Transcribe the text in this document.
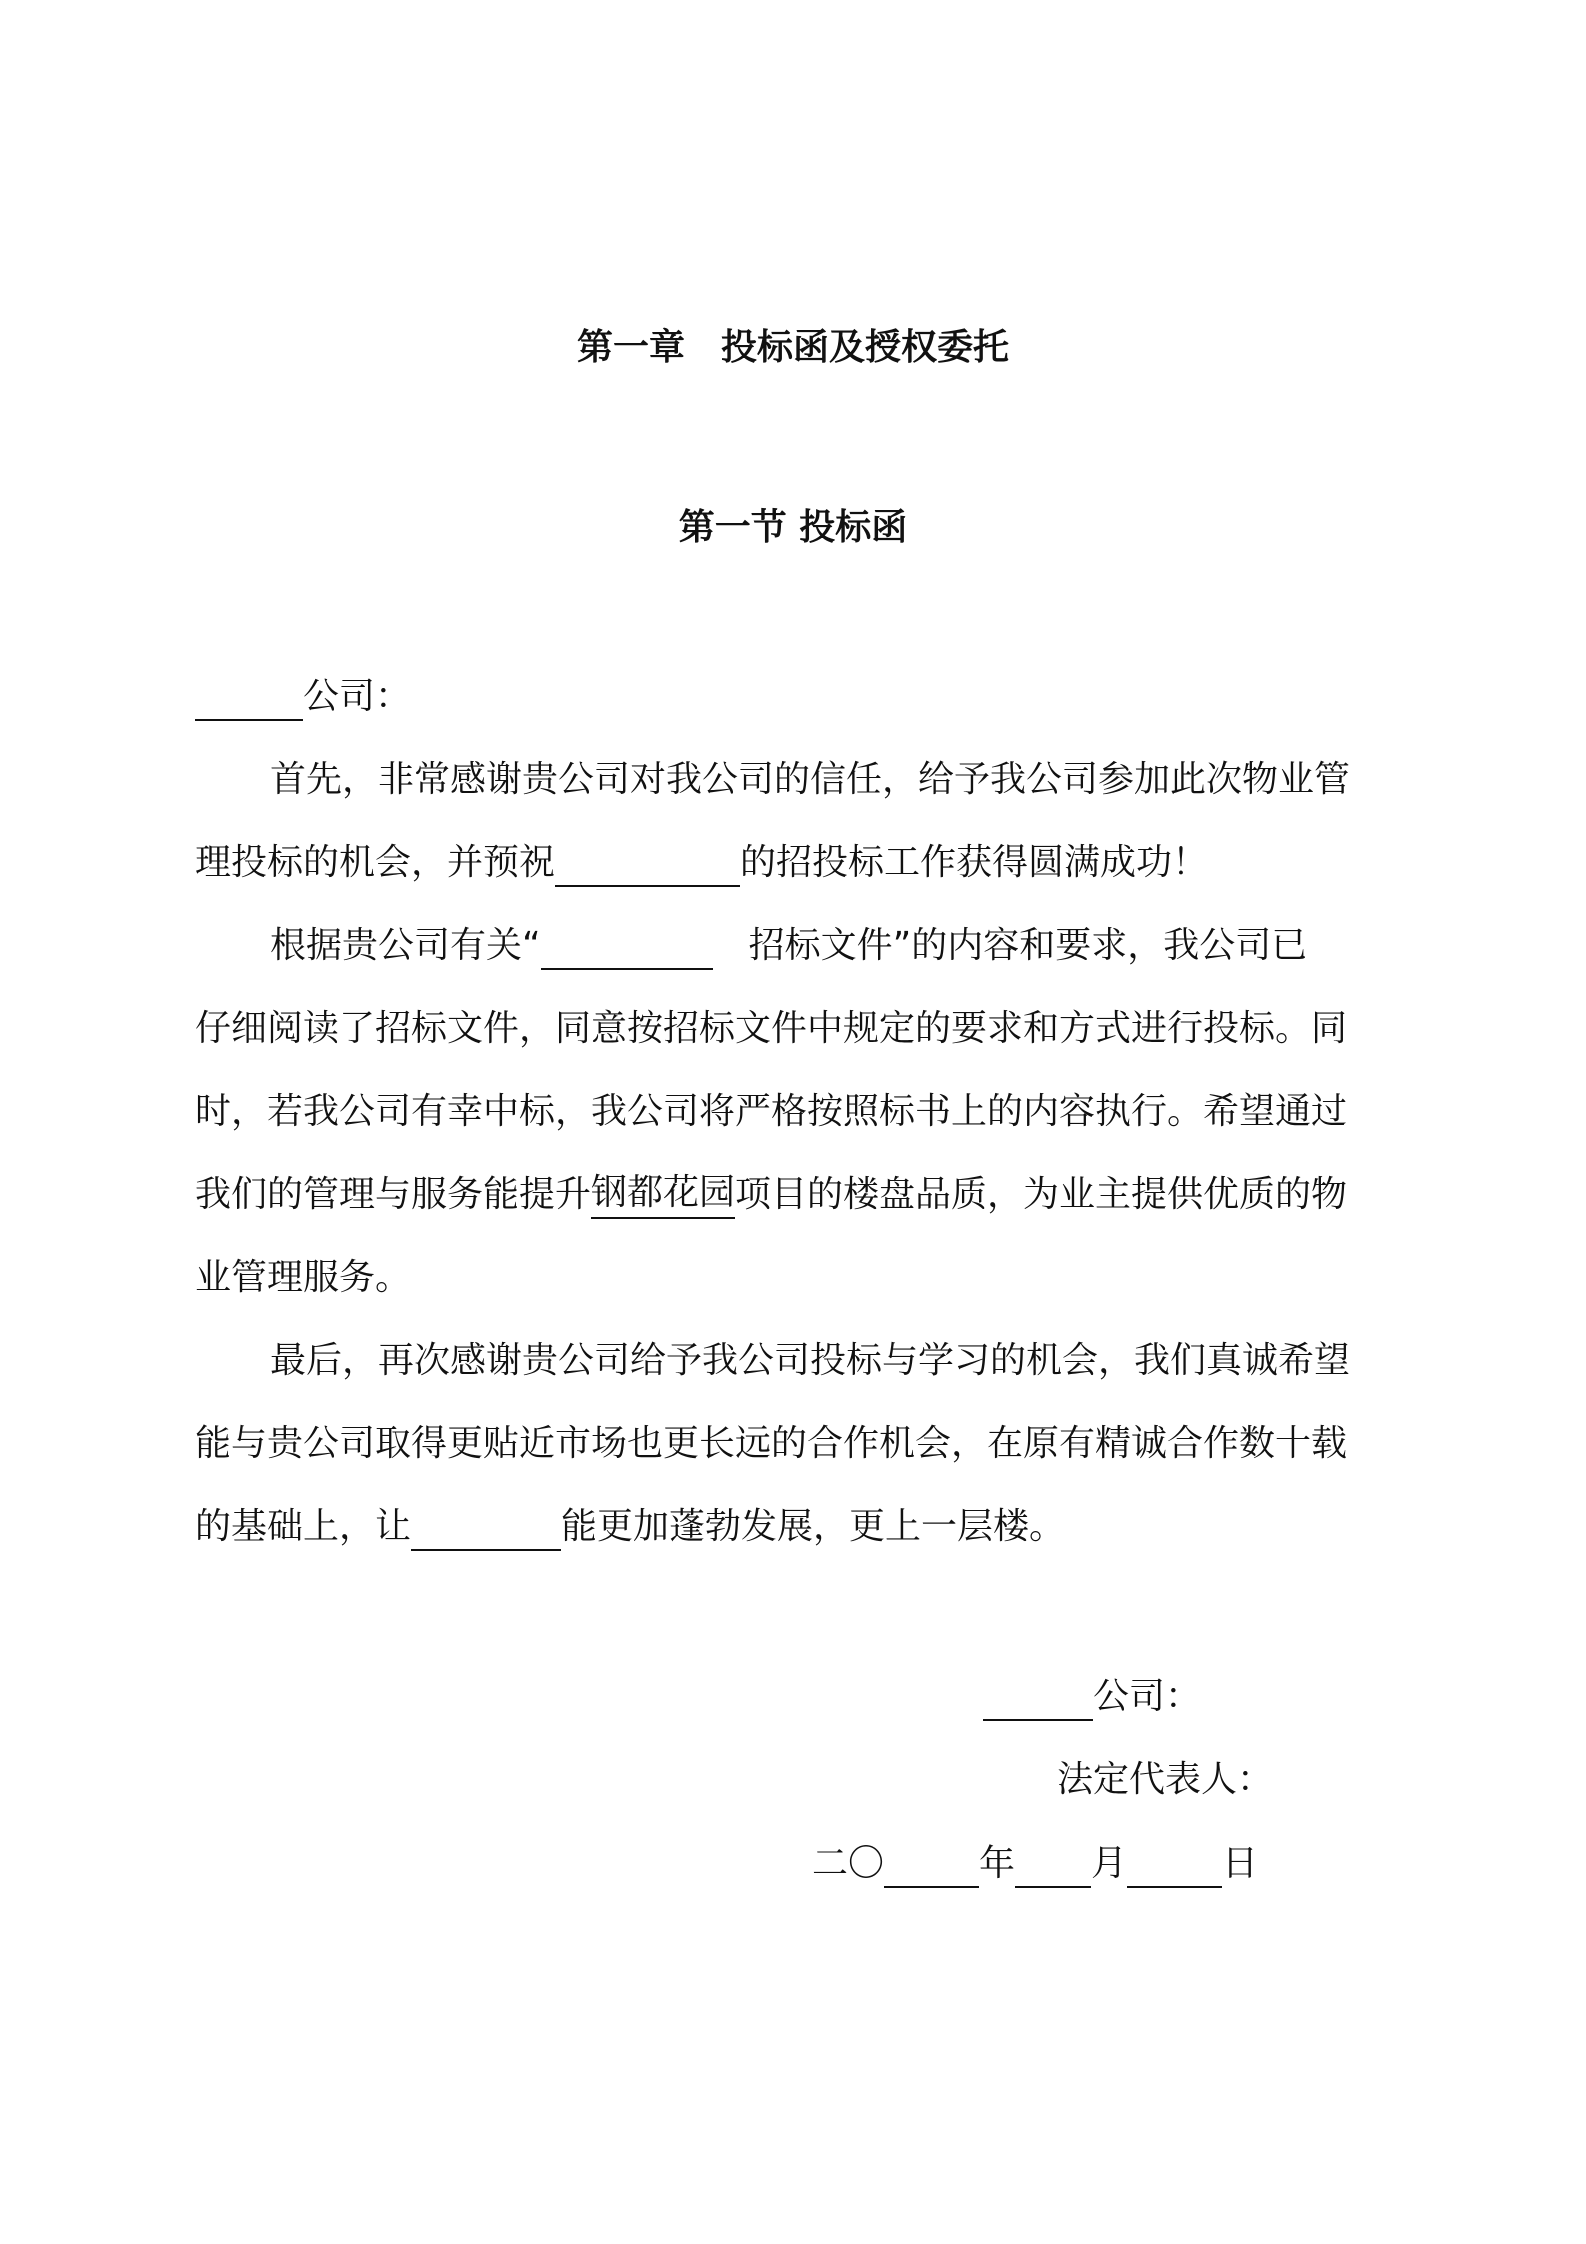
第一章　投标函及授权委托
第一节 投标函
公司：
首先，非常感谢贵公司对我公司的信任，给予我公司参加此次物业管
理投标的机会，并预祝	的招投标工作获得圆满成功！
根据贵公司有关“	招标文件”的内容和要求，我公司已
仔细阅读了招标文件，同意按招标文件中规定的要求和方式进行投标。同
时，若我公司有幸中标，我公司将严格按照标书上的内容执行。希望通过
我们的管理与服务能提升钢都花园项目的楼盘品质，为业主提供优质的物
业管理服务。
最后，再次感谢贵公司给予我公司投标与学习的机会，我们真诚希望
能与贵公司取得更贴近市场也更长远的合作机会，在原有精诚合作数十载
的基础上，让	能更加蓬勃发展，更上一层楼。
公司：
法定代表人：
二〇	年 月	日
